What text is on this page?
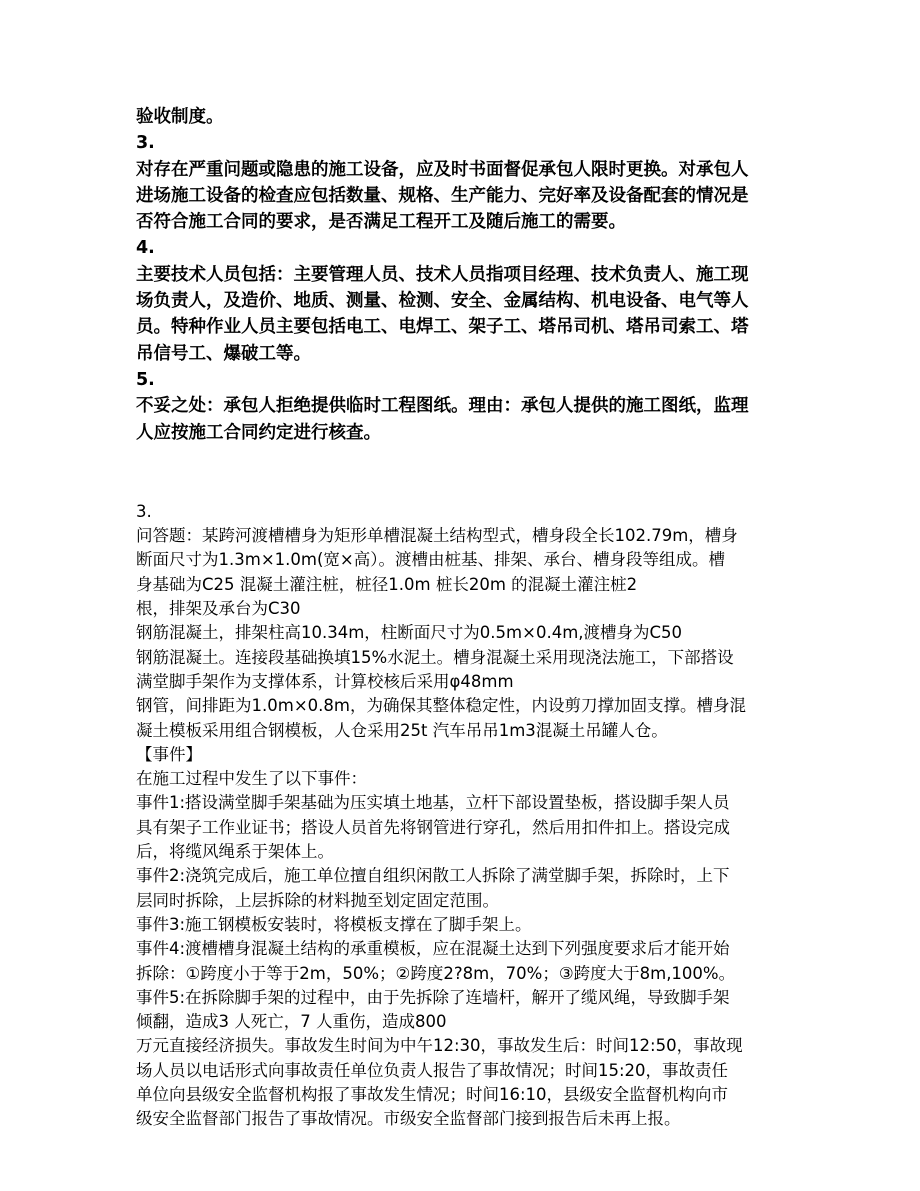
验收制度。
3.
对存在严重问题或隐患的施工设备，应及时书面督促承包人限时更换。对承包人
进场施工设备的检查应包括数量、规格、生产能力、完好率及设备配套的情况是
否符合施工合同的要求，是否满足工程开工及随后施工的需要。
4.
主要技术人员包括：主要管理人员、技术人员指项目经理、技术负责人、施工现
场负责人，及造价、地质、测量、检测、安全、金属结构、机电设备、电气等人
员。特种作业人员主要包括电工、电焊工、架子工、塔吊司机、塔吊司索工、塔
吊信号工、爆破工等。
5.
不妥之处：承包人拒绝提供临时工程图纸。理由：承包人提供的施工图纸，监理
人应按施工合同约定进行核查。
3.
问答题：某跨河渡槽槽身为矩形单槽混凝土结构型式，槽身段全长102.79m，槽身
断面尺寸为1.3m×1.0m(宽×高）。渡槽由桩基、排架、承台、槽身段等组成。槽
身基础为C25 混凝土灌注桩，桩径1.0m 桩长20m 的混凝土灌注桩2
根，排架及承台为C30
钢筋混凝土，排架柱高10.34m，柱断面尺寸为0.5m×0.4m,渡槽身为C50
钢筋混凝土。连接段基础换填15%水泥土。槽身混凝土采用现浇法施工，下部搭设
满堂脚手架作为支撑体系，计算校核后采用φ48mm
钢管，间排距为1.0m×0.8m，为确保其整体稳定性，内设剪刀撑加固支撑。槽身混
凝土模板采用组合钢模板，人仓采用25t 汽车吊吊1m3混凝土吊罐人仓。
【事件】
在施工过程中发生了以下事件：
事件1:搭设满堂脚手架基础为压实填土地基，立杆下部设置垫板，搭设脚手架人员
具有架子工作业证书；搭设人员首先将钢管进行穿孔，然后用扣件扣上。搭设完成
后，将缆风绳系于架体上。
事件2:浇筑完成后，施工单位擅自组织闲散工人拆除了满堂脚手架，拆除时，上下
层同时拆除，上层拆除的材料抛至划定固定范围。
事件3:施工钢模板安装时，将模板支撑在了脚手架上。
事件4:渡槽槽身混凝土结构的承重模板，应在混凝土达到下列强度要求后才能开始
拆除：①跨度小于等于2m，50%；②跨度2?8m，70%；③跨度大于8m,100%。
事件5:在拆除脚手架的过程中，由于先拆除了连墙杆，解开了缆风绳，导致脚手架
倾翻，造成3 人死亡，7 人重伤，造成800
万元直接经济损失。事故发生时间为中午12:30，事故发生后：时间12:50，事故现
场人员以电话形式向事故责任单位负责人报告了事故情况；时间15:20，事故责任
单位向县级安全监督机构报了事故发生情况；时间16:10，县级安全监督机构向市
级安全监督部门报告了事故情况。市级安全监督部门接到报告后未再上报。
